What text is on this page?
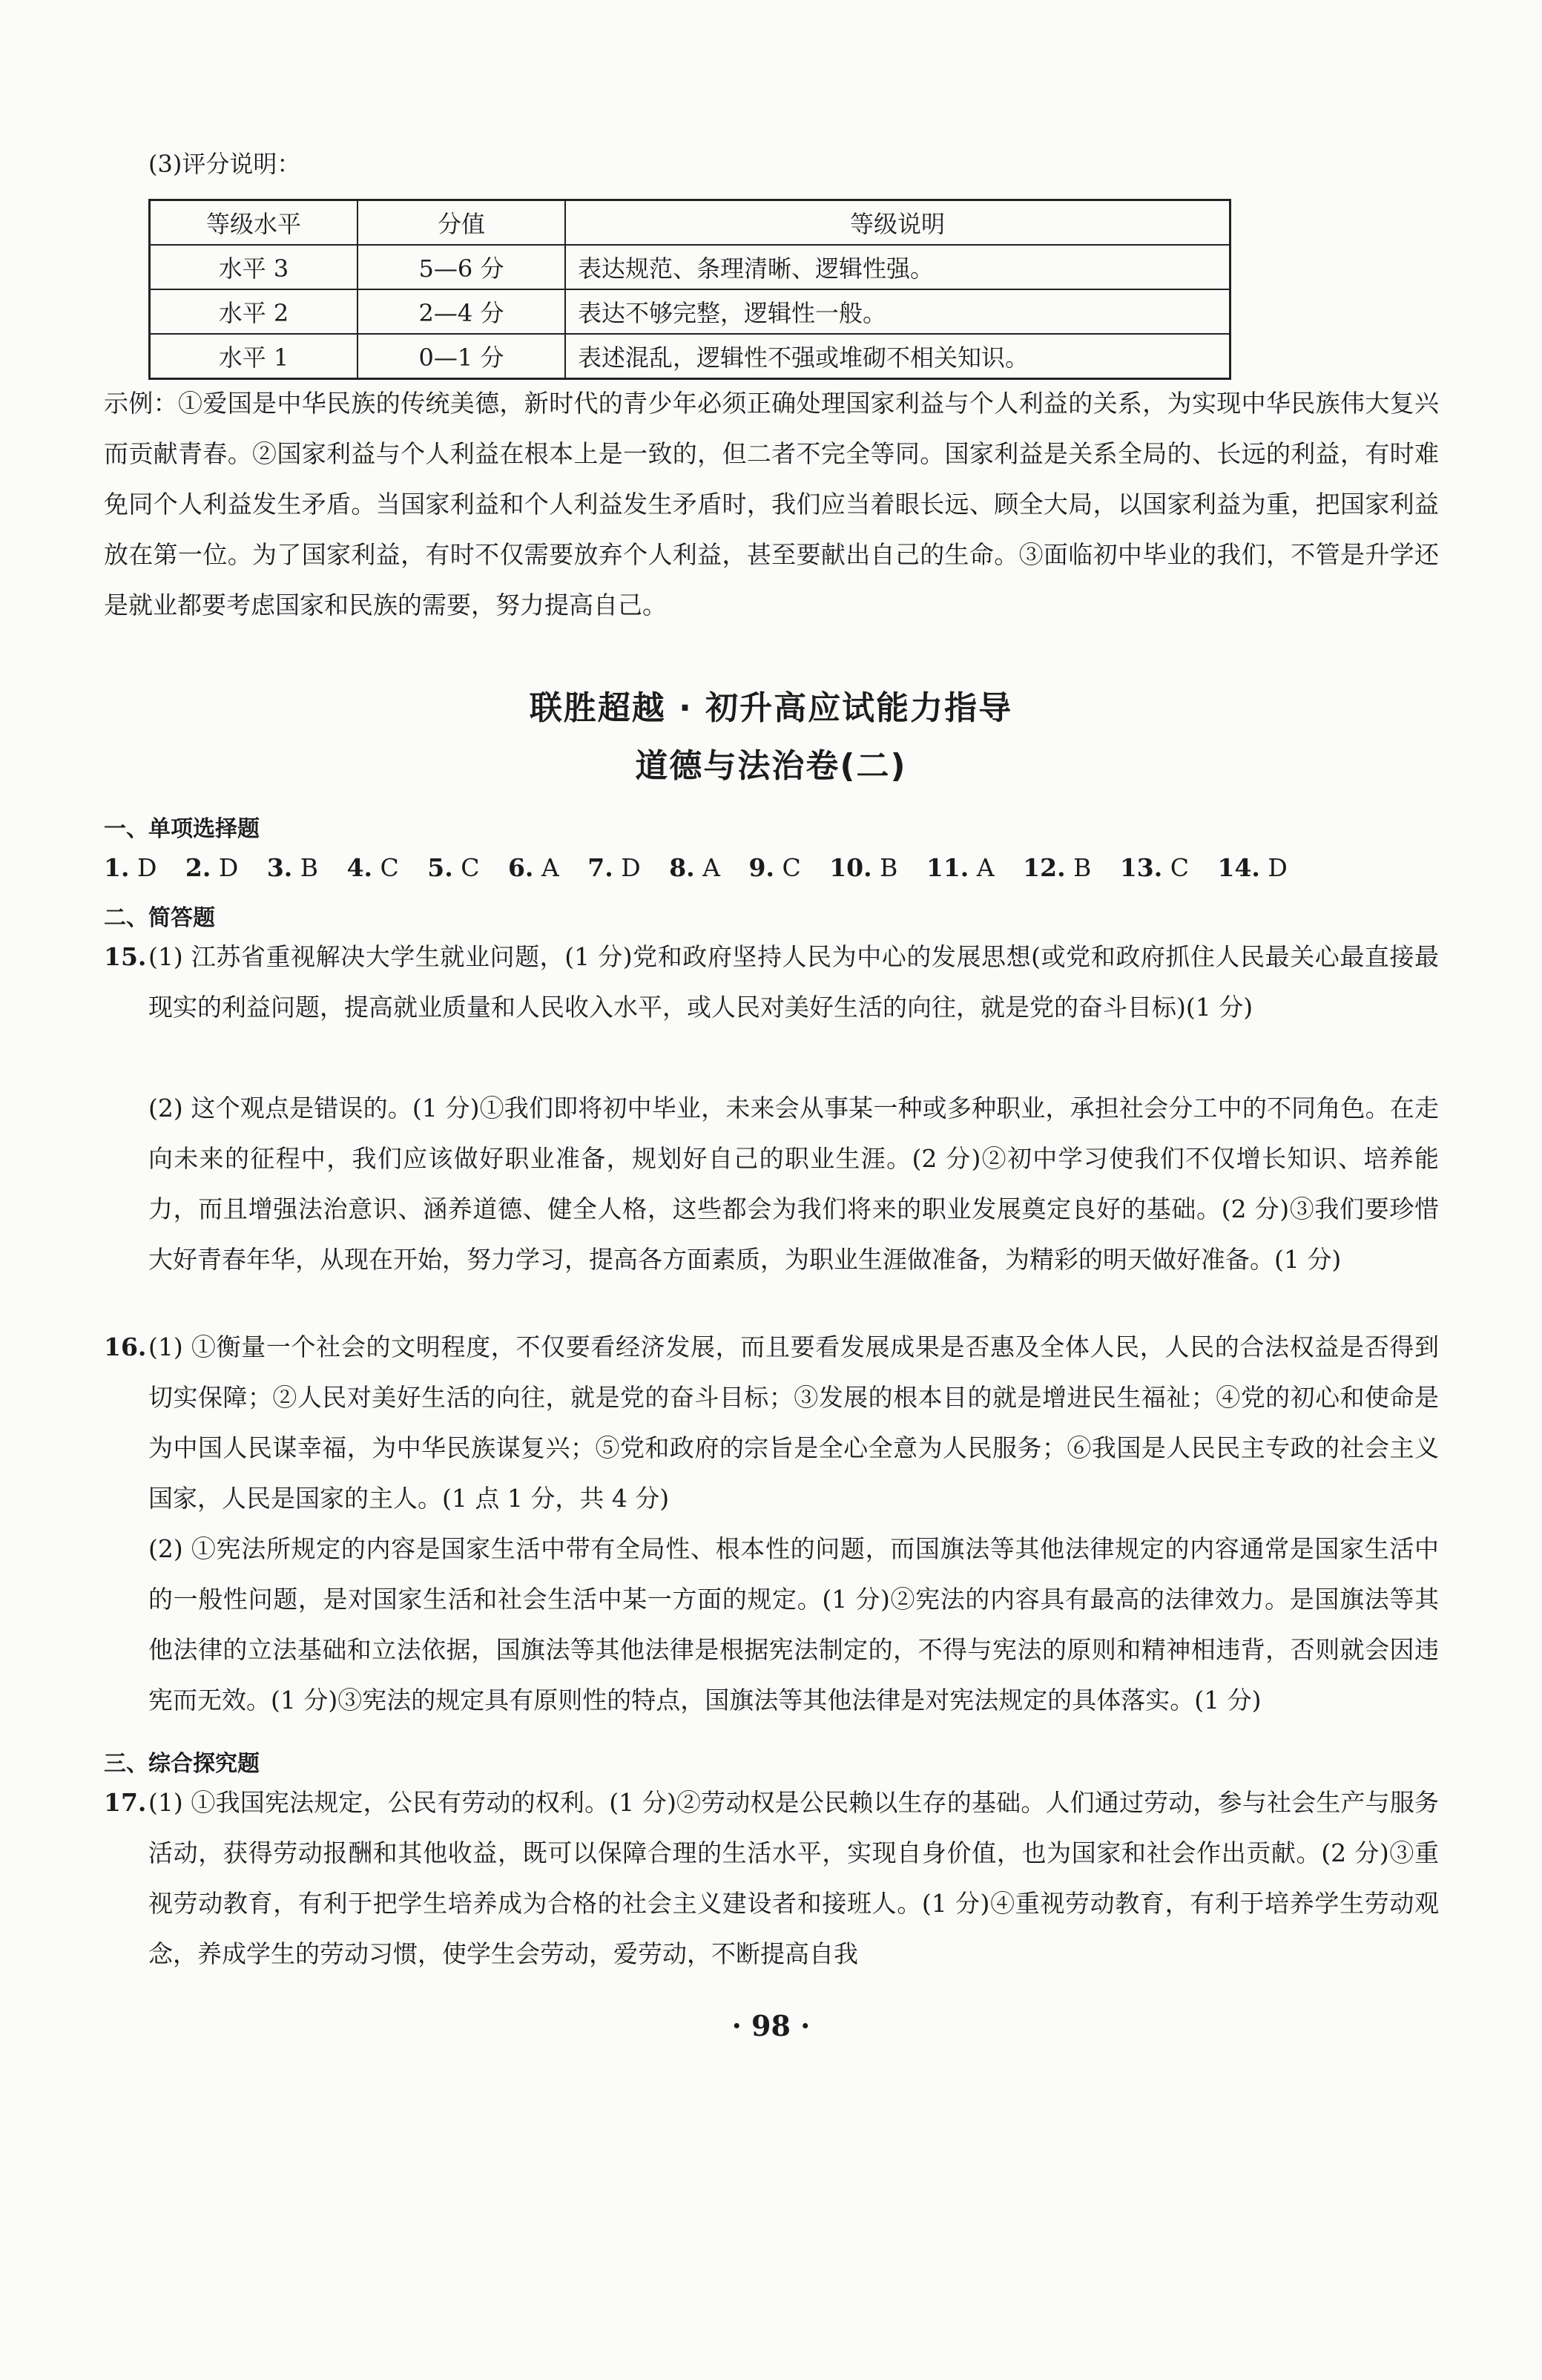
(3)评分说明：
等级水平	分值	等级说明
水平 3	5—6 分	表达规范、条理清晰、逻辑性强。
水平 2	2—4 分	表达不够完整，逻辑性一般。
水平 1	0—1 分	表述混乱，逻辑性不强或堆砌不相关知识。
示例：①爱国是中华民族的传统美德，新时代的青少年必须正确处理国家利益与个人利益的关系，为实现中华民族伟大复兴而贡献青春。②国家利益与个人利益在根本上是一致的，但二者不完全等同。国家利益是关系全局的、长远的利益，有时难免同个人利益发生矛盾。当国家利益和个人利益发生矛盾时，我们应当着眼长远、顾全大局，以国家利益为重，把国家利益放在第一位。为了国家利益，有时不仅需要放弃个人利益，甚至要献出自己的生命。③面临初中毕业的我们，不管是升学还是就业都要考虑国家和民族的需要，努力提高自己。
联胜超越 · 初升高应试能力指导
道德与法治卷(二)
一、单项选择题
1. D 2. D 3. B 4. C 5. C 6. A 7. D 8. A 9. C 10. B 11. A 12. B 13. C 14. D
二、简答题
15. (1) 江苏省重视解决大学生就业问题，(1 分)党和政府坚持人民为中心的发展思想(或党和政府抓住人民最关心最直接最现实的利益问题，提高就业质量和人民收入水平，或人民对美好生活的向往，就是党的奋斗目标)(1 分)
(2) 这个观点是错误的。(1 分)①我们即将初中毕业，未来会从事某一种或多种职业，承担社会分工中的不同角色。在走向未来的征程中，我们应该做好职业准备，规划好自己的职业生涯。(2 分)②初中学习使我们不仅增长知识、培养能力，而且增强法治意识、涵养道德、健全人格，这些都会为我们将来的职业发展奠定良好的基础。(2 分)③我们要珍惜大好青春年华，从现在开始，努力学习，提高各方面素质，为职业生涯做准备，为精彩的明天做好准备。(1 分)
16. (1) ①衡量一个社会的文明程度，不仅要看经济发展，而且要看发展成果是否惠及全体人民，人民的合法权益是否得到切实保障；②人民对美好生活的向往，就是党的奋斗目标；③发展的根本目的就是增进民生福祉；④党的初心和使命是为中国人民谋幸福，为中华民族谋复兴；⑤党和政府的宗旨是全心全意为人民服务；⑥我国是人民民主专政的社会主义国家，人民是国家的主人。(1 点 1 分，共 4 分)
(2) ①宪法所规定的内容是国家生活中带有全局性、根本性的问题，而国旗法等其他法律规定的内容通常是国家生活中的一般性问题，是对国家生活和社会生活中某一方面的规定。(1 分)②宪法的内容具有最高的法律效力。是国旗法等其他法律的立法基础和立法依据，国旗法等其他法律是根据宪法制定的，不得与宪法的原则和精神相违背，否则就会因违宪而无效。(1 分)③宪法的规定具有原则性的特点，国旗法等其他法律是对宪法规定的具体落实。(1 分)
三、综合探究题
17. (1) ①我国宪法规定，公民有劳动的权利。(1 分)②劳动权是公民赖以生存的基础。人们通过劳动，参与社会生产与服务活动，获得劳动报酬和其他收益，既可以保障合理的生活水平，实现自身价值，也为国家和社会作出贡献。(2 分)③重视劳动教育，有利于把学生培养成为合格的社会主义建设者和接班人。(1 分)④重视劳动教育，有利于培养学生劳动观念，养成学生的劳动习惯，使学生会劳动，爱劳动，不断提高自我
· 98 ·
